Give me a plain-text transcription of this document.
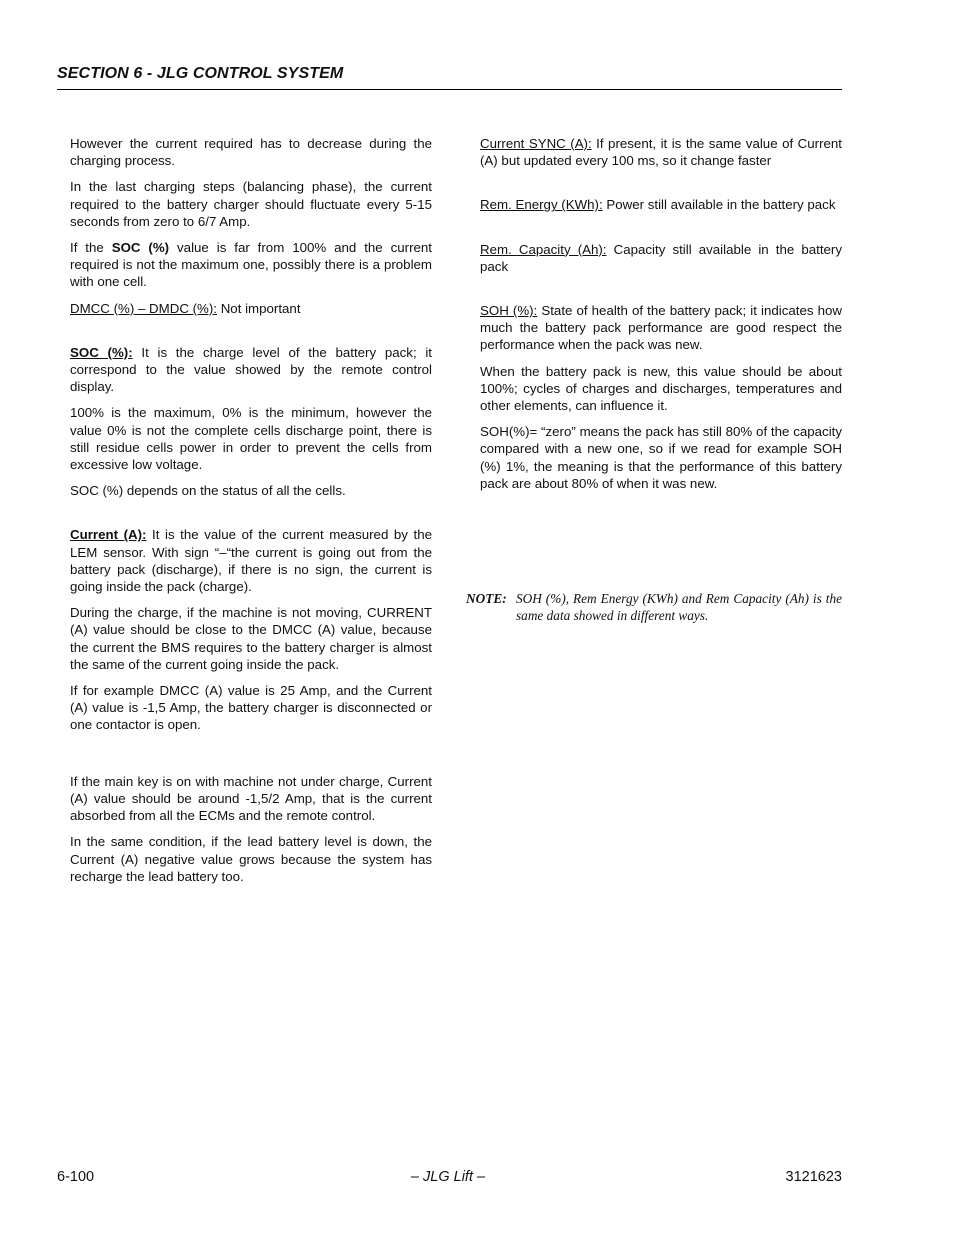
SECTION 6 - JLG CONTROL SYSTEM

However the current required has to decrease during the charging process.

In the last charging steps (balancing phase), the current required to the battery charger should fluctuate every 5-15 seconds from zero to 6/7 Amp.

If the SOC (%) value is far from 100% and the current required is not the maximum one, possibly there is a problem with one cell.

DMCC (%) – DMDC (%): Not important

SOC (%): It is the charge level of the battery pack; it correspond to the value showed by the remote control display.

100% is the maximum, 0% is the minimum, however the value 0% is not the complete cells discharge point, there is still residue cells power in order to prevent the cells from excessive low voltage.

SOC (%) depends on the status of all the cells.

Current (A): It is the value of the current measured by the LEM sensor. With sign “–“the current is going out from the battery pack (discharge), if there is no sign, the current is going inside the pack (charge).

During the charge, if the machine is not moving, CURRENT (A) value should be close to the DMCC (A) value, because the current the BMS requires to the battery charger is almost the same of the current going inside the pack.

If for example DMCC (A) value is 25 Amp, and the Current (A) value is -1,5 Amp, the battery charger is disconnected or one contactor is open.

If the main key is on with machine not under charge, Current (A) value should be around -1,5/2 Amp, that is the current absorbed from all the ECMs and the remote control.

In the same condition, if the lead battery level is down, the Current (A) negative value grows because the system has recharge the lead battery too.

Current SYNC (A): If present, it is the same value of Current (A) but updated every 100 ms, so it change faster

Rem. Energy (KWh): Power still available in the battery pack

Rem. Capacity (Ah): Capacity still available in the battery pack

SOH (%): State of health of the battery pack; it indicates how much the battery pack performance are good respect the performance when the pack was new.

When the battery pack is new, this value should be about 100%; cycles of charges and discharges, temperatures and other elements, can influence it.

SOH(%)= “zero” means the pack has still 80% of the capacity compared with a new one, so if we read for example SOH (%) 1%, the meaning is that the performance of this battery pack are about 80% of when it was new.

NOTE: SOH (%), Rem Energy (KWh) and Rem Capacity (Ah) is the same data showed in different ways.
6-100	– JLG Lift –	3121623
